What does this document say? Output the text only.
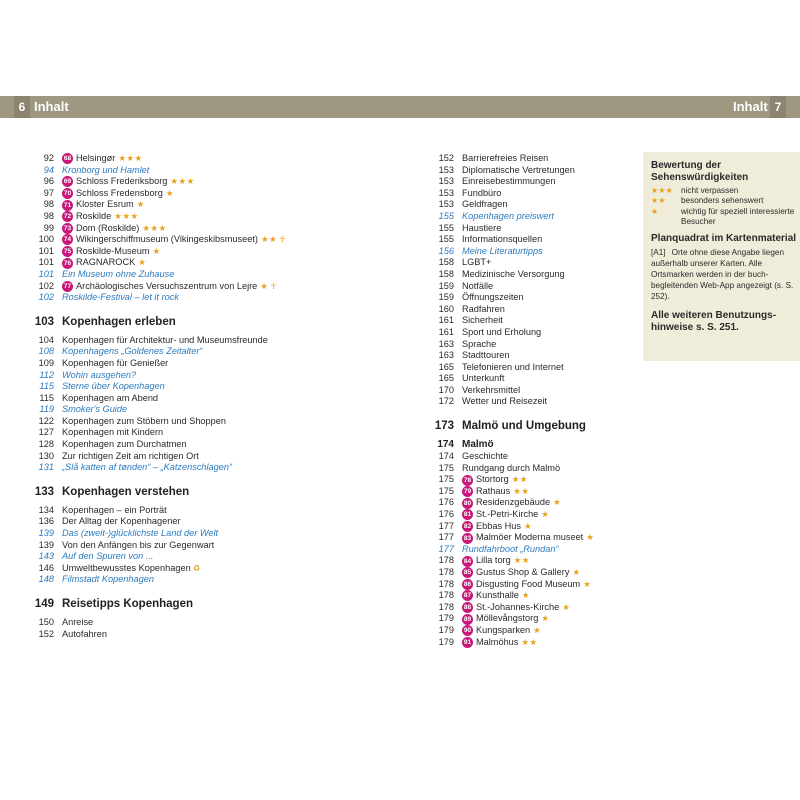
6 Inhalt	Inhalt 7
92 68 Helsingør ★★★
94 Kronborg und Hamlet
96 69 Schloss Frederiksborg ★★★
97 70 Schloss Fredensborg ★
98 71 Kloster Esrum ★
98 72 Roskilde ★★★
99 73 Dom (Roskilde) ★★★
100 74 Wikingerschiffmuseum (Vikingeskibsmuseet) ★★ ☥
101 75 Roskilde-Museum ★
101 76 RAGNAROCK ★
101 Ein Museum ohne Zuhause
102 77 Archäologisches Versuchszentrum von Lejre ★ ☥
102 Roskilde-Festival – let it rock
103 Kopenhagen erleben
104 Kopenhagen für Architektur- und Museumsfreunde
108 Kopenhagens „Goldenes Zeitalter“
109 Kopenhagen für Genießer
112 Wohin ausgehen?
115 Sterne über Kopenhagen
115 Kopenhagen am Abend
119 Smoker's Guide
122 Kopenhagen zum Stöbern und Shoppen
127 Kopenhagen mit Kindern
128 Kopenhagen zum Durchatmen
130 Zur richtigen Zeit am richtigen Ort
131 „Slå katten af tønden“ – „Katzenschlagen“
133 Kopenhagen verstehen
134 Kopenhagen – ein Porträt
136 Der Alltag der Kopenhagener
139 Das (zweit-)glücklichste Land der Welt
139 Von den Anfängen bis zur Gegenwart
143 Auf den Spuren von ...
146 Umweltbewusstes Kopenhagen ♻
148 Filmstadt Kopenhagen
149 Reisetipps Kopenhagen
150 Anreise
152 Autofahren
152 Barrierefreies Reisen
153 Diplomatische Vertretungen
153 Einreisebestimmungen
153 Fundbüro
153 Geldfragen
155 Kopenhagen preiswert
155 Haustiere
155 Informationsquellen
156 Meine Literaturtipps
158 LGBT+
158 Medizinische Versorgung
159 Notfälle
159 Öffnungszeiten
160 Radfahren
161 Sicherheit
161 Sport und Erholung
163 Sprache
163 Stadttouren
165 Telefonieren und Internet
165 Unterkunft
170 Verkehrsmittel
172 Wetter und Reisezeit
173 Malmö und Umgebung
174 Malmö
174 Geschichte
175 Rundgang durch Malmö
175 78 Stortorg ★★
175 79 Rathaus ★★
176 80 Residenzgebäude ★
176 81 St.-Petri-Kirche ★
177 82 Ebbas Hus ★
177 83 Malmöer Moderna museet ★
177 Rundfahrboot „Rundan“
178 84 Lilla torg ★★
178 85 Gustus Shop & Gallery ★
178 86 Disgusting Food Museum ★
178 87 Kunsthalle ★
178 88 St.-Johannes-Kirche ★
179 89 Möllevångstorg ★
179 90 Kungsparken ★
179 91 Malmöhus ★★
Bewertung der Sehenswürdigkeiten
★★★ nicht verpassen
★★	besonders sehenswert
★	wichtig für speziell interessierte Besucher
Planquadrat im Kartenmaterial
[A1] Orte ohne diese Angabe liegen außerhalb unserer Karten. Alle Ortsmarken werden in der buchbegleitenden Web-App angezeigt (s. S. 252).
Alle weiteren Benutzungshinweise s. S. 251.
